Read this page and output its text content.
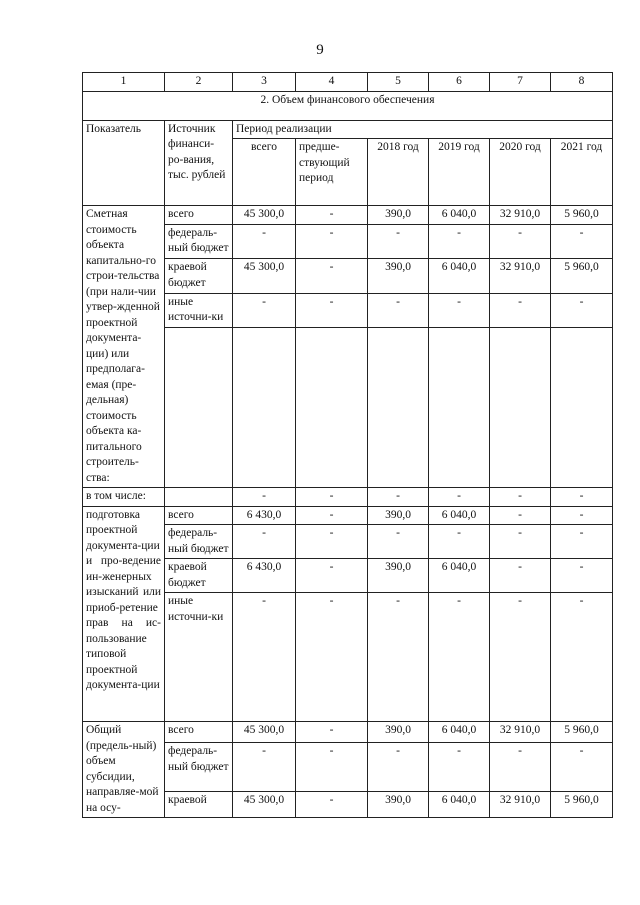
9
1	2	3	4	5	6	7	8
2. Объем финансового обеспечения							
Показатель	Источник финанси-ро-вания, тыс. рублей	Период реализации					
		всего	предше-ствующий период	2018 год	2019 год	2020 год	2021 год
Сметная стоимость объекта капитально-го строи-тельства (при нали-чии утвер-жденной проектной документа-ции) или предполага-емая (пре-дельная) стоимость объекта ка-питального строитель-ства:	всего	45 300,0	-	390,0	6 040,0	32 910,0	5 960,0
	федераль-ный бюджет	-	-	-	-	-	-
	краевой бюджет	45 300,0	-	390,0	6 040,0	32 910,0	5 960,0
	иные источни-ки	-	-	-	-	-	-

в том числе:		-	-	-	-	-	-
подготовка проектной документа-ции и про-ведение ин-женерных изысканий или приоб-ретение прав на ис-пользование типовой проектной документа-ции	всего	6 430,0	-	390,0	6 040,0	-	-
	федераль-ный бюджет	-	-	-	-	-	-
	краевой бюджет	6 430,0	-	390,0	6 040,0	-	-
	иные источни-ки	-	-	-	-	-	-
Общий (предель-ный) объем субсидии, направляе-мой на осу-	всего	45 300,0	-	390,0	6 040,0	32 910,0	5 960,0
	федераль-ный бюджет	-	-	-	-	-	-
	краевой	45 300,0	-	390,0	6 040,0	32 910,0	5 960,0
